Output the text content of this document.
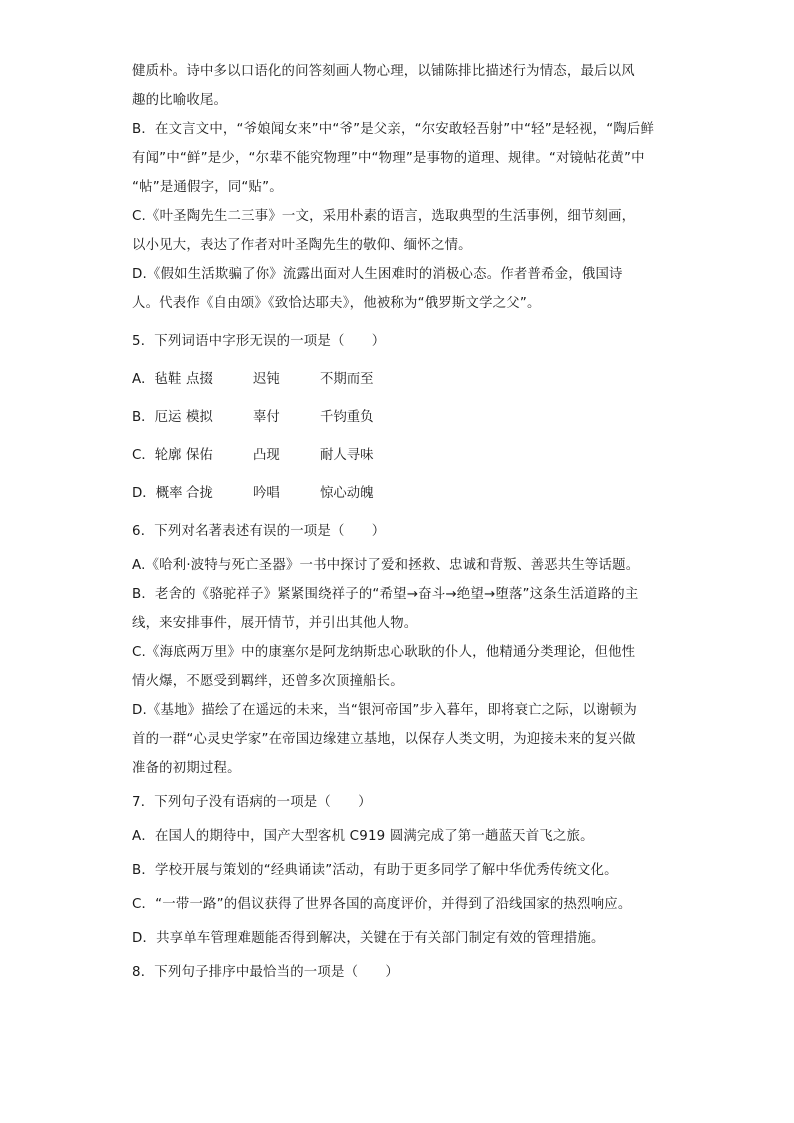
健质朴。诗中多以口语化的问答刻画人物心理，以铺陈排比描述行为情态，最后以风
趣的比喻收尾。
B．在文言文中，“爷娘闻女来”中“爷”是父亲，“尔安敢轻吾射”中“轻”是轻视，“陶后鲜
有闻”中“鲜”是少，“尔辈不能究物理”中“物理”是事物的道理、规律。“对镜帖花黄”中
“帖”是通假字，同“贴”。
C.《叶圣陶先生二三事》一文，采用朴素的语言，选取典型的生活事例，细节刻画，
以小见大，表达了作者对叶圣陶先生的敬仰、缅怀之情。
D.《假如生活欺骗了你》流露出面对人生困难时的消极心态。作者普希金，俄国诗
人。代表作《自由颂》《致恰达耶夫》，他被称为“俄罗斯文学之父”。
5．下列词语中字形无误的一项是（　　）
A．毡鞋 点掇	迟钝	不期而至
B．厄运 模拟	辜付	千钧重负
C．轮廓 保佑	凸现	耐人寻味
D．概率 合拢	吟唱	惊心动魄
6．下列对名著表述有误的一项是（　　）
A.《哈利·波特与死亡圣器》一书中探讨了爱和拯救、忠诚和背叛、善恶共生等话题。
B．老舍的《骆驼祥子》紧紧围绕祥子的“希望→奋斗→绝望→堕落”这条生活道路的主
线，来安排事件，展开情节，并引出其他人物。
C.《海底两万里》中的康塞尔是阿龙纳斯忠心耿耿的仆人，他精通分类理论，但他性
情火爆，不愿受到羁绊，还曾多次顶撞船长。
D.《基地》描绘了在遥远的未来，当“银河帝国”步入暮年，即将衰亡之际，以谢顿为
首的一群“心灵史学家”在帝国边缘建立基地，以保存人类文明，为迎接未来的复兴做
准备的初期过程。
7．下列句子没有语病的一项是（　　）
A．在国人的期待中，国产大型客机 C919 圆满完成了第一趟蓝天首飞之旅。
B．学校开展与策划的“经典诵读”活动，有助于更多同学了解中华优秀传统文化。
C．“一带一路”的倡议获得了世界各国的高度评价，并得到了沿线国家的热烈响应。
D．共享单车管理难题能否得到解决，关键在于有关部门制定有效的管理措施。
8．下列句子排序中最恰当的一项是（　　）
